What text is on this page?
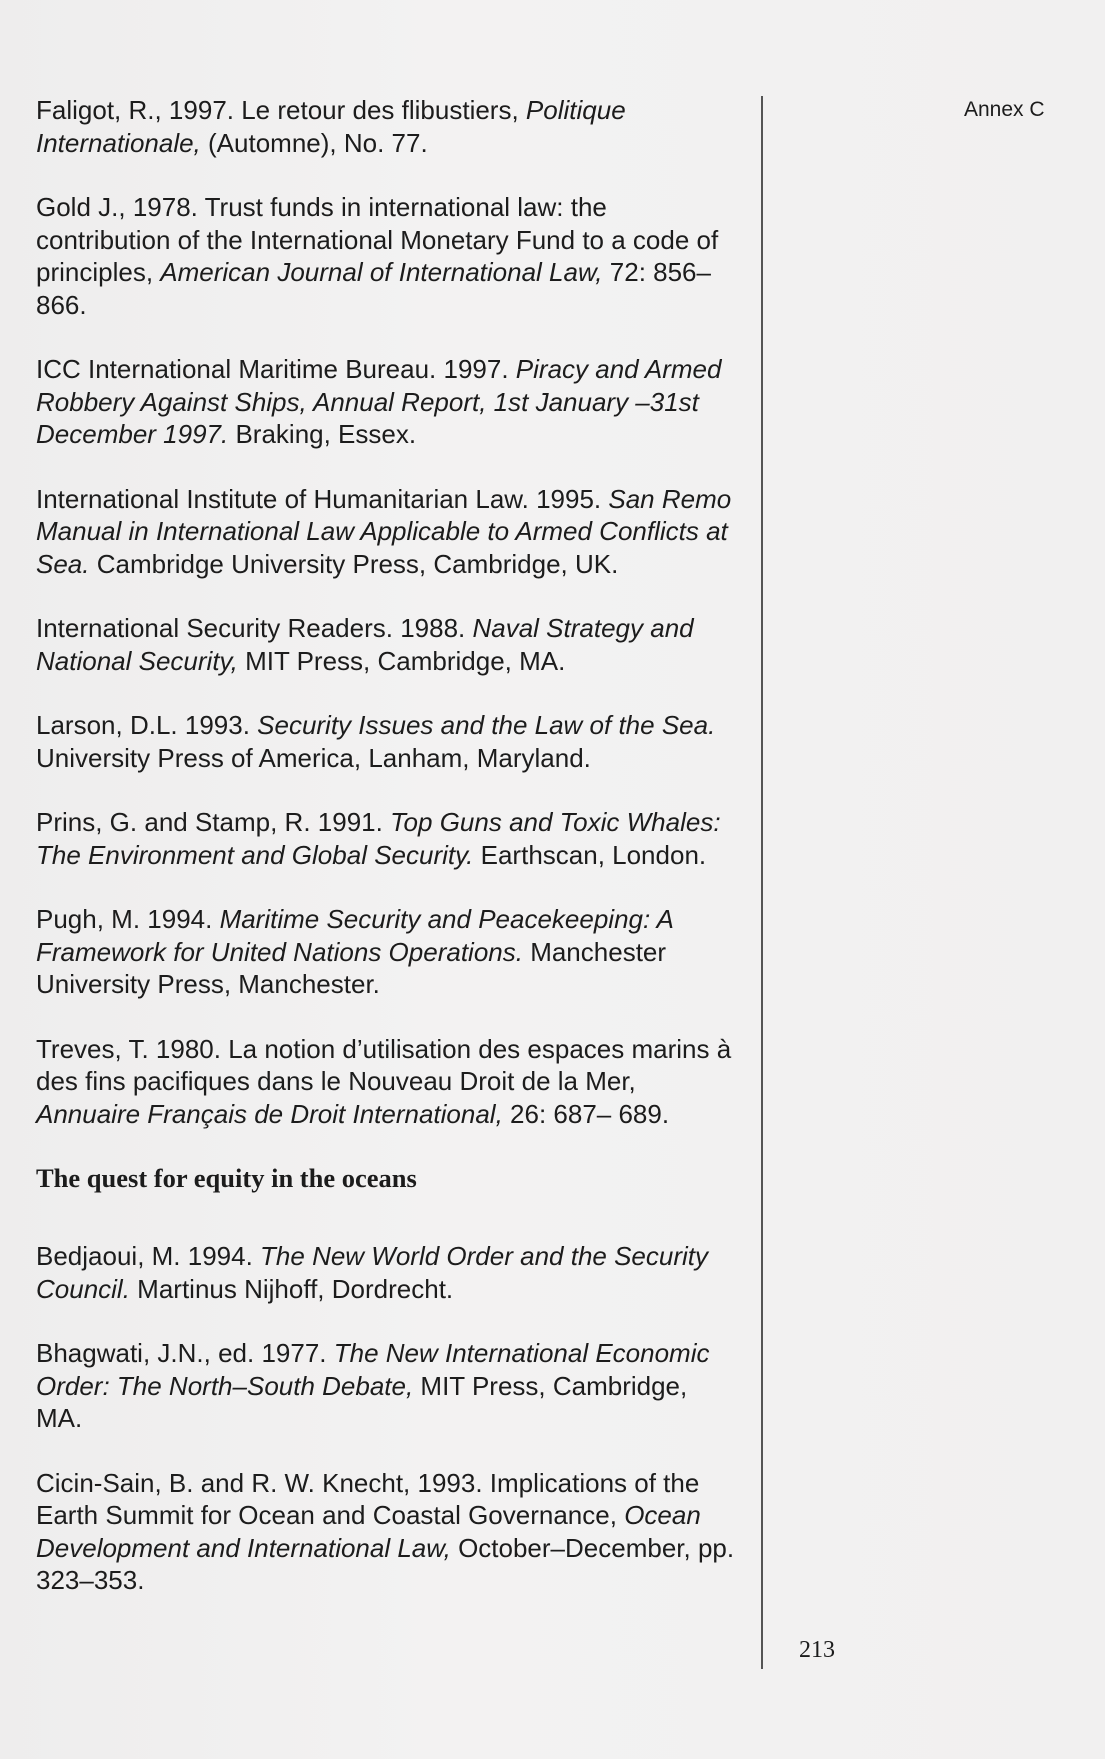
Faligot, R., 1997. Le retour des flibustiers, Politique Internationale, (Automne), No. 77.
Gold J., 1978. Trust funds in international law: the contribution of the International Monetary Fund to a code of principles, American Journal of International Law, 72: 856–866.
ICC International Maritime Bureau. 1997. Piracy and Armed Robbery Against Ships, Annual Report, 1st January –31st December 1997. Braking, Essex.
International Institute of Humanitarian Law. 1995. San Remo Manual in International Law Applicable to Armed Conflicts at Sea. Cambridge University Press, Cambridge, UK.
International Security Readers. 1988. Naval Strategy and National Security, MIT Press, Cambridge, MA.
Larson, D.L. 1993. Security Issues and the Law of the Sea. University Press of America, Lanham, Maryland.
Prins, G. and Stamp, R. 1991. Top Guns and Toxic Whales: The Environment and Global Security. Earthscan, London.
Pugh, M. 1994. Maritime Security and Peacekeeping: A Framework for United Nations Operations. Manchester University Press, Manchester.
Treves, T. 1980. La notion d’utilisation des espaces marins à des fins pacifiques dans le Nouveau Droit de la Mer, Annuaire Français de Droit International, 26: 687– 689.
The quest for equity in the oceans
Bedjaoui, M. 1994. The New World Order and the Security Council. Martinus Nijhoff, Dordrecht.
Bhagwati, J.N., ed. 1977. The New International Economic Order: The North–South Debate, MIT Press, Cambridge, MA.
Cicin-Sain, B. and R. W. Knecht, 1993. Implications of the Earth Summit for Ocean and Coastal Governance, Ocean Development and International Law, October–December, pp. 323–353.
Annex C
213
